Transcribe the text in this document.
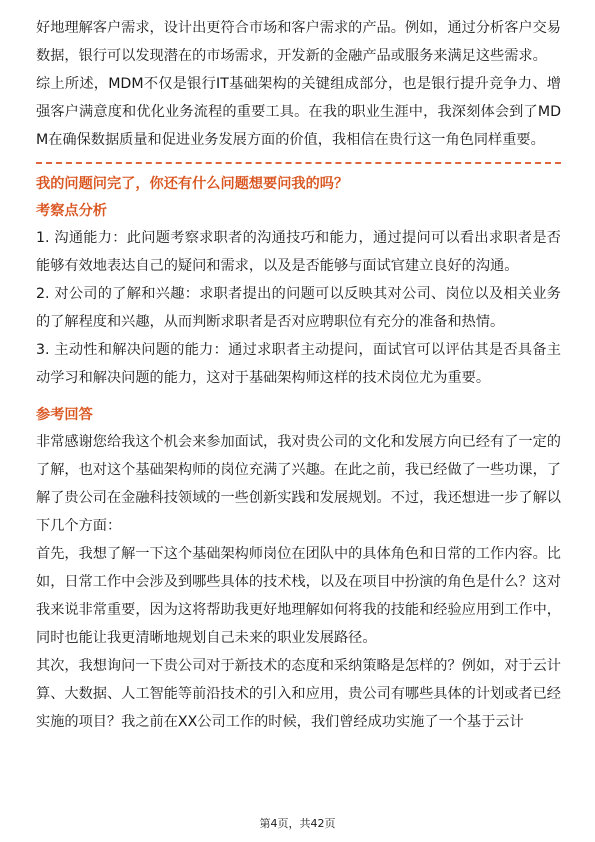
好地理解客户需求，设计出更符合市场和客户需求的产品。例如，通过分析客户交易数据，银行可以发现潜在的市场需求，开发新的金融产品或服务来满足这些需求。

综上所述，MDM不仅是银行IT基础架构的关键组成部分，也是银行提升竞争力、增强客户满意度和优化业务流程的重要工具。在我的职业生涯中，我深刻体会到了MDM在确保数据质量和促进业务发展方面的价值，我相信在贵行这一角色同样重要。

我的问题问完了，你还有什么问题想要问我的吗？

考察点分析

1. 沟通能力：此问题考察求职者的沟通技巧和能力，通过提问可以看出求职者是否能够有效地表达自己的疑问和需求，以及是否能够与面试官建立良好的沟通。

2. 对公司的了解和兴趣：求职者提出的问题可以反映其对公司、岗位以及相关业务的了解程度和兴趣，从而判断求职者是否对应聘职位有充分的准备和热情。

3. 主动性和解决问题的能力：通过求职者主动提问，面试官可以评估其是否具备主动学习和解决问题的能力，这对于基础架构师这样的技术岗位尤为重要。

参考回答

非常感谢您给我这个机会来参加面试，我对贵公司的文化和发展方向已经有了一定的了解，也对这个基础架构师的岗位充满了兴趣。在此之前，我已经做了一些功课，了解了贵公司在金融科技领域的一些创新实践和发展规划。不过，我还想进一步了解以下几个方面：

首先，我想了解一下这个基础架构师岗位在团队中的具体角色和日常的工作内容。比如，日常工作中会涉及到哪些具体的技术栈，以及在项目中扮演的角色是什么？这对我来说非常重要，因为这将帮助我更好地理解如何将我的技能和经验应用到工作中，同时也能让我更清晰地规划自己未来的职业发展路径。

其次，我想询问一下贵公司对于新技术的态度和采纳策略是怎样的？例如，对于云计算、大数据、人工智能等前沿技术的引入和应用，贵公司有哪些具体的计划或者已经实施的项目？我之前在XX公司工作的时候，我们曾经成功实施了一个基于云计

第4页，共42页
